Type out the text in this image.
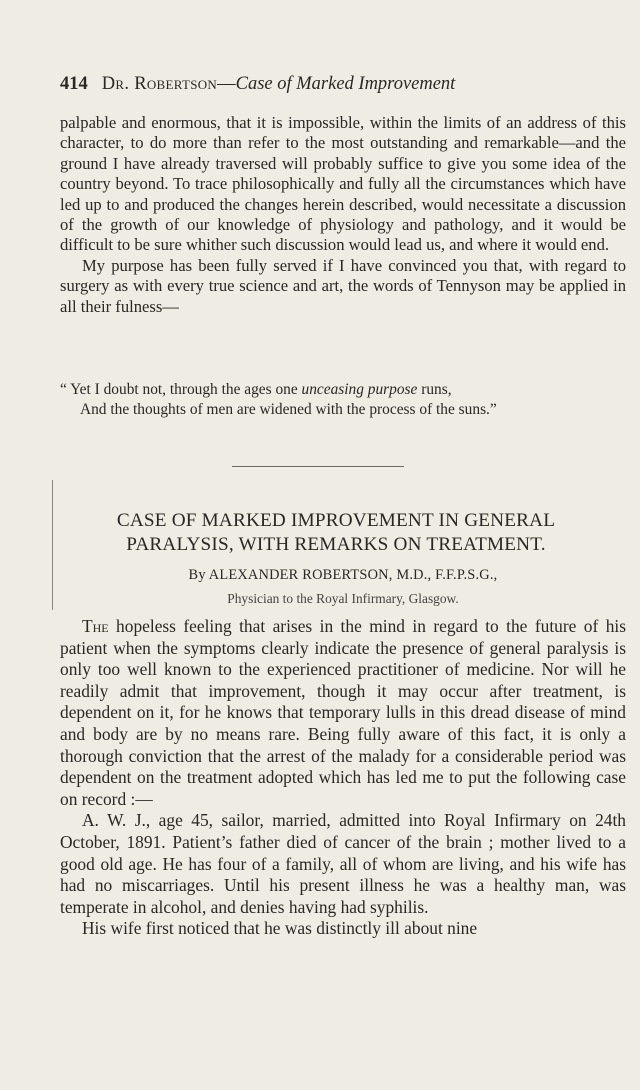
414 Dr. Robertson—Case of Marked Improvement

palpable and enormous, that it is impossible, within the limits of an address of this character, to do more than refer to the most outstanding and remarkable—and the ground I have already traversed will probably suffice to give you some idea of the country beyond. To trace philosophically and fully all the circumstances which have led up to and produced the changes herein described, would necessitate a discussion of the growth of our knowledge of physiology and pathology, and it would be difficult to be sure whither such discussion would lead us, and where it would end.

My purpose has been fully served if I have convinced you that, with regard to surgery as with every true science and art, the words of Tennyson may be applied in all their fulness—

“ Yet I doubt not, through the ages one unceasing purpose runs,
And the thoughts of men are widened with the process of the suns.”
CASE OF MARKED IMPROVEMENT IN GENERAL
PARALYSIS, WITH REMARKS ON TREATMENT.
By ALEXANDER ROBERTSON, M.D., F.F.P.S.G.,
Physician to the Royal Infirmary, Glasgow.

The hopeless feeling that arises in the mind in regard to the future of his patient when the symptoms clearly indicate the presence of general paralysis is only too well known to the experienced practitioner of medicine. Nor will he readily admit that improvement, though it may occur after treatment, is dependent on it, for he knows that temporary lulls in this dread disease of mind and body are by no means rare. Being fully aware of this fact, it is only a thorough conviction that the arrest of the malady for a considerable period was dependent on the treatment adopted which has led me to put the following case on record :—

A. W. J., age 45, sailor, married, admitted into Royal Infirmary on 24th October, 1891. Patient’s father died of cancer of the brain ; mother lived to a good old age. He has four of a family, all of whom are living, and his wife has had no miscarriages. Until his present illness he was a healthy man, was temperate in alcohol, and denies having had syphilis.

His wife first noticed that he was distinctly ill about nine
